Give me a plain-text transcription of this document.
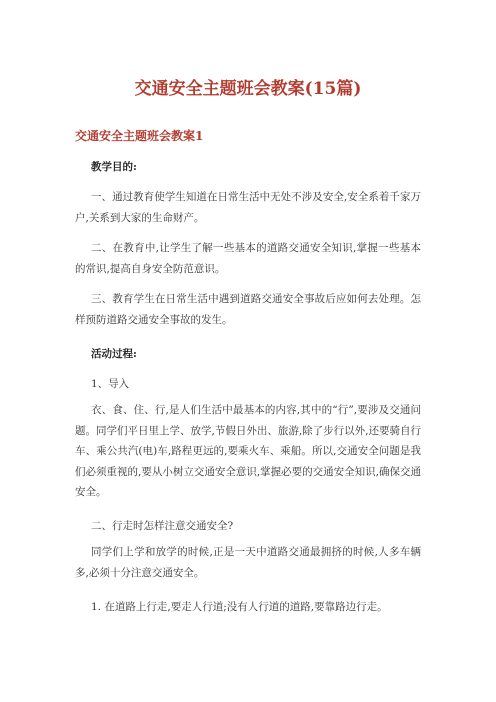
交通安全主题班会教案(15篇)
交通安全主题班会教案1
教学目的:
一、通过教育使学生知道在日常生活中无处不涉及安全,安全系着千家万户,关系到大家的生命财产。
二、在教育中,让学生了解一些基本的道路交通安全知识,掌握一些基本的常识,提高自身安全防范意识。
三、教育学生在日常生活中遇到道路交通安全事故后应如何去处理。怎样预防道路交通安全事故的发生。
活动过程:
1、导入
衣、食、住、行,是人们生活中最基本的内容,其中的“行”,要涉及交通问题。同学们平日里上学、放学,节假日外出、旅游,除了步行以外,还要骑自行车、乘公共汽(电)车,路程更远的,要乘火车、乘船。所以,交通安全问题是我们必须重视的,要从小树立交通安全意识,掌握必要的交通安全知识,确保交通安全。
二、行走时怎样注意交通安全?
同学们上学和放学的时候,正是一天中道路交通最拥挤的时候,人多车辆多,必须十分注意交通安全。
1. 在道路上行走,要走人行道;没有人行道的道路,要靠路边行走。
